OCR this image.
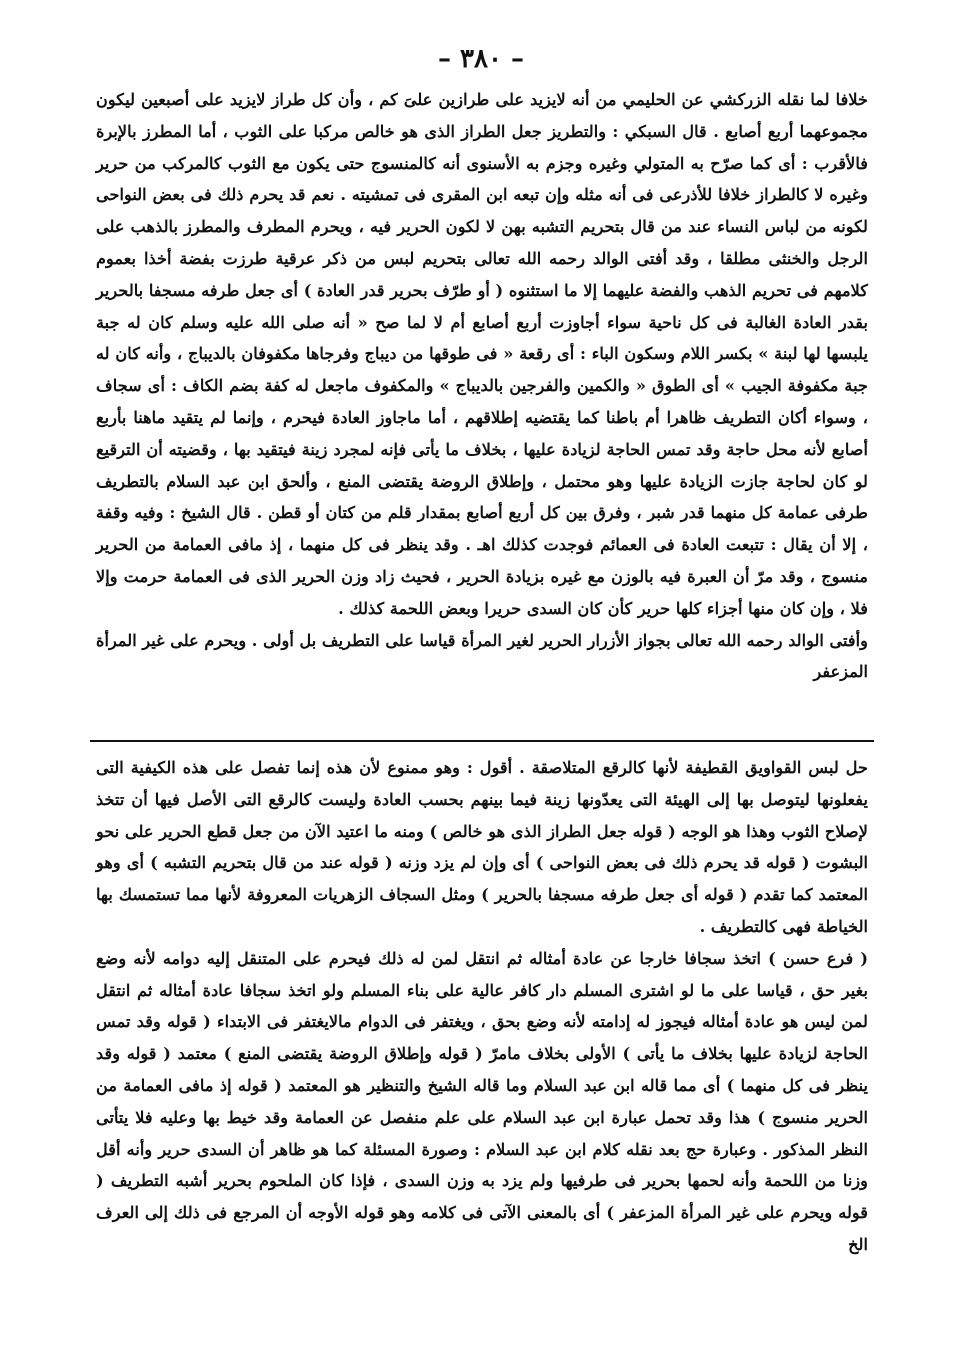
– ٣٨٠ –

خلافا لما نقله الزركشي عن الحليمي من أنه لايزيد على طرازين علىَ كم ، وأن كل طراز لايزيد على أصبعين ليكون مجموعهما أربع أصابع . قال السبكي : والتطريز جعل الطراز الذى هو خالص مركبا على الثوب ، أما المطرز بالإبرة فالأقرب : أى كما صرّح به المتولي وغيره وجزم به الأسنوى أنه كالمنسوج حتى يكون مع الثوب كالمركب من حرير وغيره لا كالطراز خلافا للأذرعى فى أنه مثله وإن تبعه ابن المقرى فى تمشيته . نعم قد يحرم ذلك فى بعض النواحى لكونه من لباس النساء عند من قال بتحريم التشبه بهن لا لكون الحرير فيه ، ويحرم المطرف والمطرز بالذهب على الرجل والخنثى مطلقا ، وقد أفتى الوالد رحمه الله تعالى بتحريم لبس من ذكر عرقية طرزت بفضة أخذا بعموم كلامهم فى تحريم الذهب والفضة عليهما إلا ما استثنوه ( أو طرّف بحرير قدر العادة ) أى جعل طرفه مسجفا بالحرير بقدر العادة الغالبة فى كل ناحية سواء أجاوزت أربع أصابع أم لا لما صح « أنه صلى الله عليه وسلم كان له جبة يلبسها لها لبنة » بكسر اللام وسكون الباء : أى رقعة « فى طوقها من ديباج وفرجاها مكفوفان بالديباج ، وأنه كان له جبة مكفوفة الجيب » أى الطوق « والكمين والفرجين بالديباج » والمكفوف ماجعل له كفة بضم الكاف : أى سجاف ، وسواء أكان التطريف ظاهرا أم باطنا كما يقتضيه إطلاقهم ، أما ماجاوز العادة فيحرم ، وإنما لم يتقيد ماهنا بأربع أصابع لأنه محل حاجة وقد تمس الحاجة لزيادة عليها ، بخلاف ما يأتى فإنه لمجرد زينة فيتقيد بها ، وقضيته أن الترقيع لو كان لحاجة جازت الزيادة عليها وهو محتمل ، وإطلاق الروضة يقتضى المنع ، وألحق ابن عبد السلام بالتطريف طرفى عمامة كل منهما قدر شبر ، وفرق بين كل أربع أصابع بمقدار قلم من كتان أو قطن . قال الشيخ : وفيه وقفة ، إلا أن يقال : تتبعت العادة فى العمائم فوجدت كذلك اهـ . وقد ينظر فى كل منهما ، إذ مافى العمامة من الحرير منسوج ، وقد مرّ أن العبرة فيه بالوزن مع غيره بزيادة الحرير ، فحيث زاد وزن الحرير الذى فى العمامة حرمت وإلا فلا ، وإن كان منها أجزاء كلها حرير كأن كان السدى حريرا وبعض اللحمة كذلك .

وأفتى الوالد رحمه الله تعالى بجواز الأزرار الحرير لغير المرأة قياسا على التطريف بل أولى . ويحرم على غير المرأة المزعفر

حل لبس القواويق القطيفة لأنها كالرقع المتلاصقة . أقول : وهو ممنوع لأن هذه إنما تفصل على هذه الكيفية التى يفعلونها ليتوصل بها إلى الهيئة التى يعدّونها زينة فيما بينهم بحسب العادة وليست كالرقع التى الأصل فيها أن تتخذ لإصلاح الثوب وهذا هو الوجه ( قوله جعل الطراز الذى هو خالص ) ومنه ما اعتيد الآن من جعل قطع الحرير على نحو البشوت ( قوله قد يحرم ذلك فى بعض النواحى ) أى وإن لم يزد وزنه ( قوله عند من قال بتحريم التشبه ) أى وهو المعتمد كما تقدم ( قوله أى جعل طرفه مسجفا بالحرير ) ومثل السجاف الزهريات المعروفة لأنها مما تستمسك بها الخياطة فهى كالتطريف .

( فرع حسن ) اتخذ سجافا خارجا عن عادة أمثاله ثم انتقل لمن له ذلك فيحرم على المتنقل إليه دوامه لأنه وضع بغير حق ، قياسا على ما لو اشترى المسلم دار كافر عالية على بناء المسلم ولو اتخذ سجافا عادة أمثاله ثم انتقل لمن ليس هو عادة أمثاله فيجوز له إدامته لأنه وضع بحق ، ويغتفر فى الدوام مالايغتفر فى الابتداء ( قوله وقد تمس الحاجة لزيادة عليها بخلاف ما يأتى ) الأولى بخلاف مامرّ ( قوله وإطلاق الروضة يقتضى المنع ) معتمد ( قوله وقد ينظر فى كل منهما ) أى مما قاله ابن عبد السلام وما قاله الشيخ والتنظير هو المعتمد ( قوله إذ مافى العمامة من الحرير منسوج ) هذا وقد تحمل عبارة ابن عبد السلام على علم منفصل عن العمامة وقد خيط بها وعليه فلا يتأتى النظر المذكور . وعبارة حج بعد نقله كلام ابن عبد السلام : وصورة المسئلة كما هو ظاهر أن السدى حرير وأنه أقل وزنا من اللحمة وأنه لحمها بحرير فى طرفيها ولم يزد به وزن السدى ، فإذا كان الملحوم بحرير أشبه التطريف ( قوله ويحرم على غير المرأة المزعفر ) أى بالمعنى الآتى فى كلامه وهو قوله الأوجه أن المرجع فى ذلك إلى العرف الخ
